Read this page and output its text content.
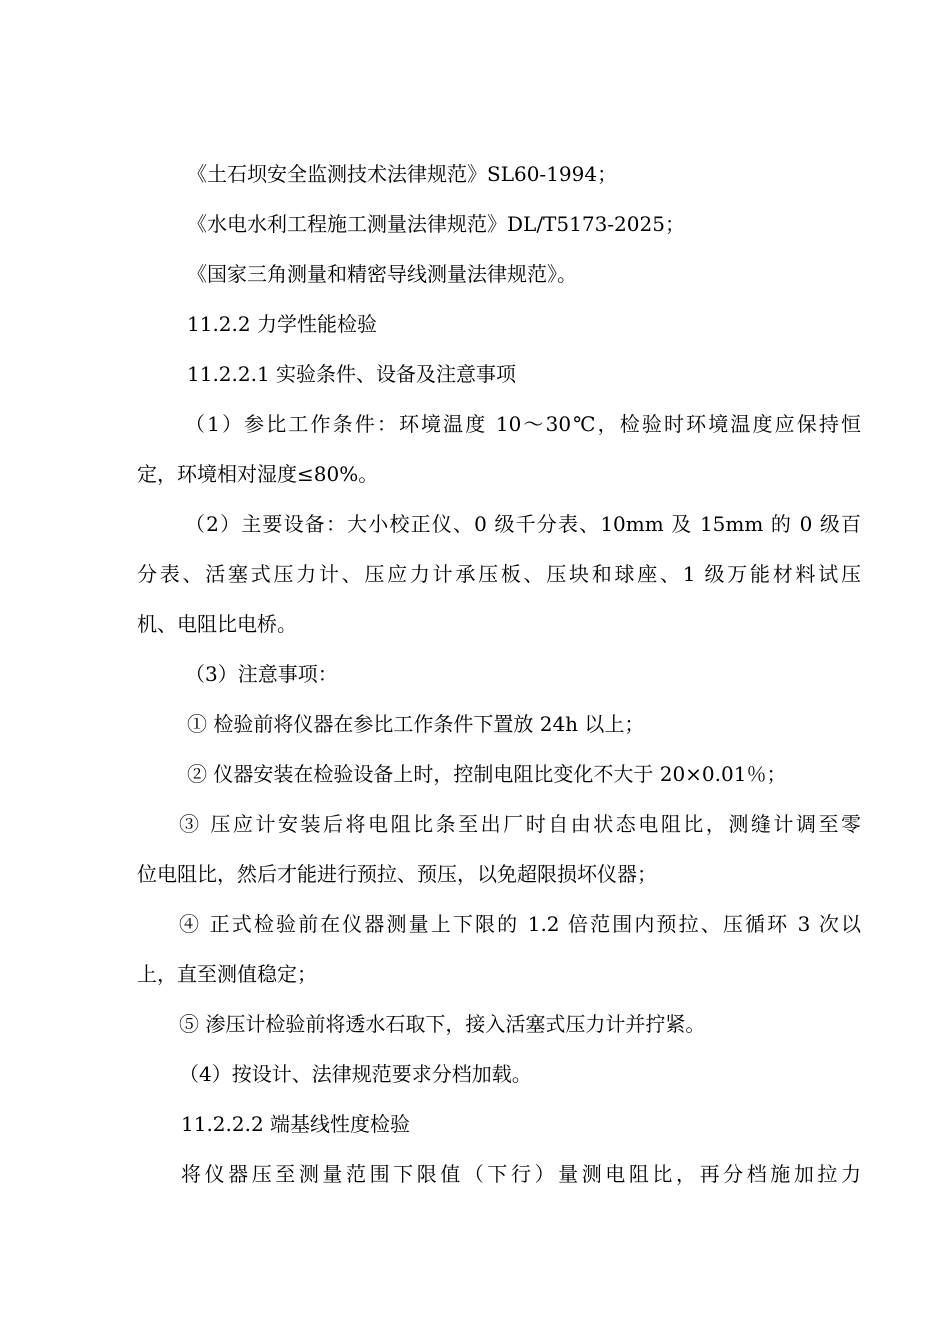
《土石坝安全监测技术法律规范》SL60-1994；
《水电水利工程施工测量法律规范》DL/T5173-2025；
《国家三角测量和精密导线测量法律规范》。
11.2.2 力学性能检验
11.2.2.1 实验条件、设备及注意事项
（1）参比工作条件：环境温度 10～30℃，检验时环境温度应保持恒
定，环境相对湿度≤80%。
（2）主要设备：大小校正仪、0 级千分表、10mm 及 15mm 的 0 级百
分表、活塞式压力计、压应力计承压板、压块和球座、1 级万能材料试压
机、电阻比电桥。
（3）注意事项：
① 检验前将仪器在参比工作条件下置放 24h 以上；
② 仪器安装在检验设备上时，控制电阻比变化不大于 20×0.01％；
③ 压应计安装后将电阻比条至出厂时自由状态电阻比，测缝计调至零
位电阻比，然后才能进行预拉、预压，以免超限损坏仪器；
④ 正式检验前在仪器测量上下限的 1.2 倍范围内预拉、压循环 3 次以
上，直至测值稳定；
⑤ 渗压计检验前将透水石取下，接入活塞式压力计并拧紧。
（4）按设计、法律规范要求分档加载。
11.2.2.2 端基线性度检验
将仪器压至测量范围下限值（下行）量测电阻比，再分档施加拉力
